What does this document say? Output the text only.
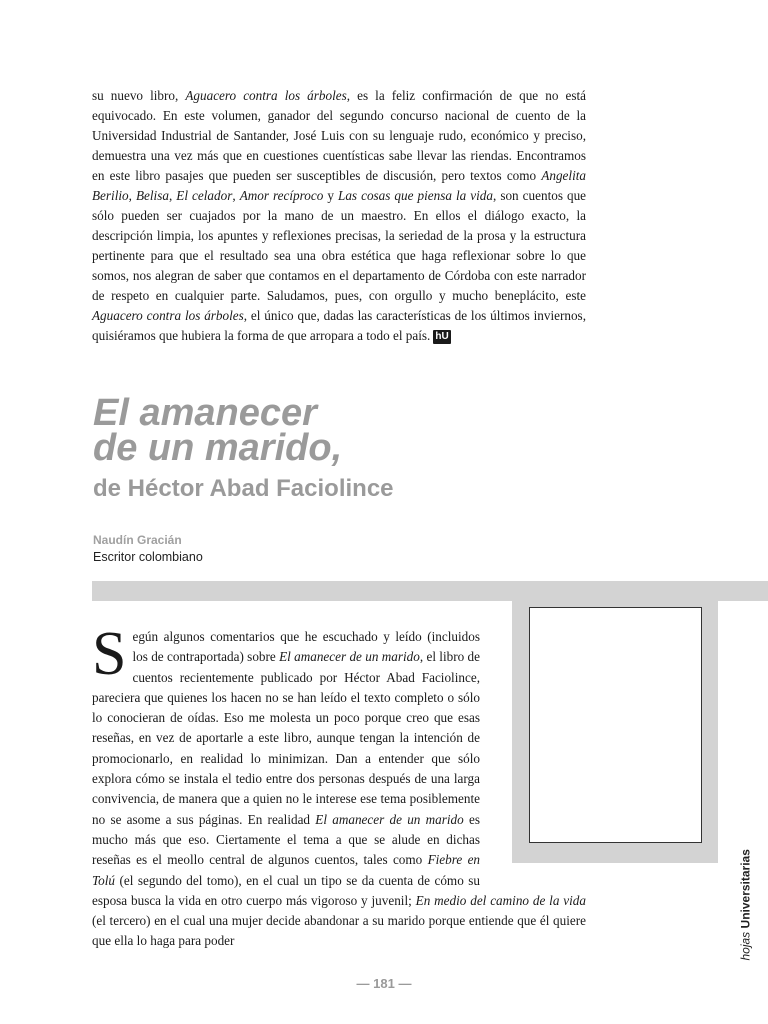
su nuevo libro, Aguacero contra los árboles, es la feliz confirmación de que no está equivocado. En este volumen, ganador del segundo concurso nacional de cuento de la Universidad Industrial de Santander, José Luis con su lenguaje rudo, económico y preciso, demuestra una vez más que en cuestiones cuentísticas sabe llevar las riendas. Encontramos en este libro pasajes que pueden ser susceptibles de discusión, pero textos como Angelita Berilio, Belisa, El celador, Amor recíproco y Las cosas que piensa la vida, son cuentos que sólo pueden ser cuajados por la mano de un maestro. En ellos el diálogo exacto, la descripción limpia, los apuntes y reflexiones precisas, la seriedad de la prosa y la estructura pertinente para que el resultado sea una obra estética que haga reflexionar sobre lo que somos, nos alegran de saber que contamos en el departamento de Córdoba con este narrador de respeto en cualquier parte. Saludamos, pues, con orgullo y mucho beneplácito, este Aguacero contra los árboles, el único que, dadas las características de los últimos inviernos, quisiéramos que hubiera la forma de que arropara a todo el país. hU

El amanecer
de un marido,
de Héctor Abad Faciolince
Naudín Gracián
Escritor colombiano

Según algunos comentarios que he escuchado y leído (incluidos los de contraportada) sobre El amanecer de un marido, el libro de cuentos recientemente publicado por Héctor Abad Faciolince, pareciera que quienes los hacen no se han leído el texto completo o sólo lo conocieran de oídas. Eso me molesta un poco porque creo que esas reseñas, en vez de aportarle a este libro, aunque tengan la intención de promocionarlo, en realidad lo minimizan. Dan a entender que sólo explora cómo se instala el tedio entre dos personas después de una larga convivencia, de manera que a quien no le interese ese tema posiblemente no se asome a sus páginas. En realidad El amanecer de un marido es mucho más que eso. Ciertamente el tema a que se alude en dichas reseñas es el meollo central de algunos cuentos, tales como Fiebre en Tolú (el segundo del tomo), en el cual un tipo se da cuenta de cómo su esposa busca la vida en otro cuerpo más vigoroso y juvenil; En medio del camino de la vida (el tercero) en el cual una mujer decide abandonar a su marido porque entiende que él quiere que ella lo haga para poder	hojas Universitarias
— 181 —
